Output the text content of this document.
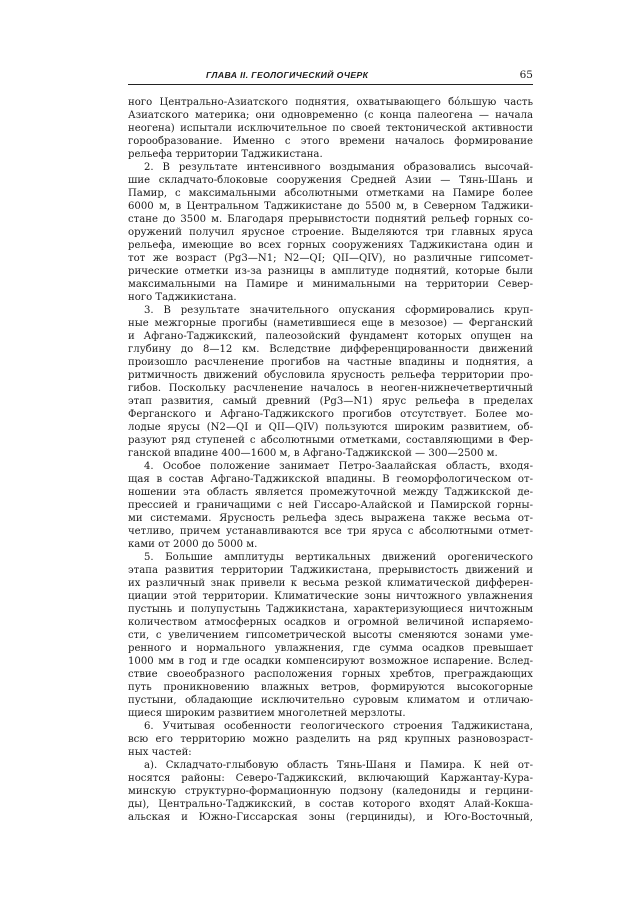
ГЛАВА II. ГЕОЛОГИЧЕСКИЙ ОЧЕРК	65
ного Центрально-Азиатского поднятия, охватывающего бо́льшую часть
Азиатского материка; они одновременно (с конца палеогена — начала
неогена) испытали исключительное по своей тектонической активности
горообразование. Именно с этого времени началось формирование
рельефа территории Таджикистана.
2. В результате интенсивного воздымания образовались высочай-
шие складчато-блоковые сооружения Средней Азии — Тянь-Шань и
Памир, с максимальными абсолютными отметками на Памире более
6000 м, в Центральном Таджикистане до 5500 м, в Северном Таджики-
стане до 3500 м. Благодаря прерывистости поднятий рельеф горных со-
оружений получил ярусное строение. Выделяются три главных яруса
рельефа, имеющие во всех горных сооружениях Таджикистана один и
тот же возраст (Pg3—N1; N2—QI; QII—QIV), но различные гипсомет-
рические отметки из-за разницы в амплитуде поднятий, которые были
максимальными на Памире и минимальными на территории Север-
ного Таджикистана.
3. В результате значительного опускания сформировались круп-
ные межгорные прогибы (наметившиеся еще в мезозое) — Ферганский
и Афгано-Таджикский, палеозойский фундамент которых опущен на
глубину до 8—12 км. Вследствие дифференцированности движений
произошло расчленение прогибов на частные впадины и поднятия, а
ритмичность движений обусловила ярусность рельефа территории про-
гибов. Поскольку расчленение началось в неоген-нижнечетвертичный
этап развития, самый древний (Pg3—N1) ярус рельефа в пределах
Ферганского и Афгано-Таджикского прогибов отсутствует. Более мо-
лодые ярусы (N2—QI и QII—QIV) пользуются широким развитием, об-
разуют ряд ступеней с абсолютными отметками, составляющими в Фер-
ганской впадине 400—1600 м, в Афгано-Таджикской — 300—2500 м.
4. Особое положение занимает Петро-Заалайская область, входя-
щая в состав Афгано-Таджикской впадины. В геоморфологическом от-
ношении эта область является промежуточной между Таджикской де-
прессией и граничащими с ней Гиссаро-Алайской и Памирской горны-
ми системами. Ярусность рельефа здесь выражена также весьма от-
четливо, причем устанавливаются все три яруса с абсолютными отмет-
ками от 2000 до 5000 м.
5. Большие амплитуды вертикальных движений орогенического
этапа развития территории Таджикистана, прерывистость движений и
их различный знак привели к весьма резкой климатической дифферен-
циации этой территории. Климатические зоны ничтожного увлажнения
пустынь и полупустынь Таджикистана, характеризующиеся ничтожным
количеством атмосферных осадков и огромной величиной испаряемо-
сти, с увеличением гипсометрической высоты сменяются зонами уме-
ренного и нормального увлажнения, где сумма осадков превышает
1000 мм в год и где осадки компенсируют возможное испарение. Вслед-
ствие своеобразного расположения горных хребтов, преграждающих
путь проникновению влажных ветров, формируются высокогорные
пустыни, обладающие исключительно суровым климатом и отличаю-
щиеся широким развитием многолетней мерзлоты.
6. Учитывая особенности геологического строения Таджикистана,
всю его территорию можно разделить на ряд крупных разновозраст-
ных частей:
а). Складчато-глыбовую область Тянь-Шаня и Памира. К ней от-
носятся районы: Северо-Таджикский, включающий Каржантау-Кура-
минскую структурно-формационную подзону (каледониды и герцини-
ды), Центрально-Таджикский, в состав которого входят Алай-Кокша-
альская и Южно-Гиссарская зоны (герциниды), и Юго-Восточный,
